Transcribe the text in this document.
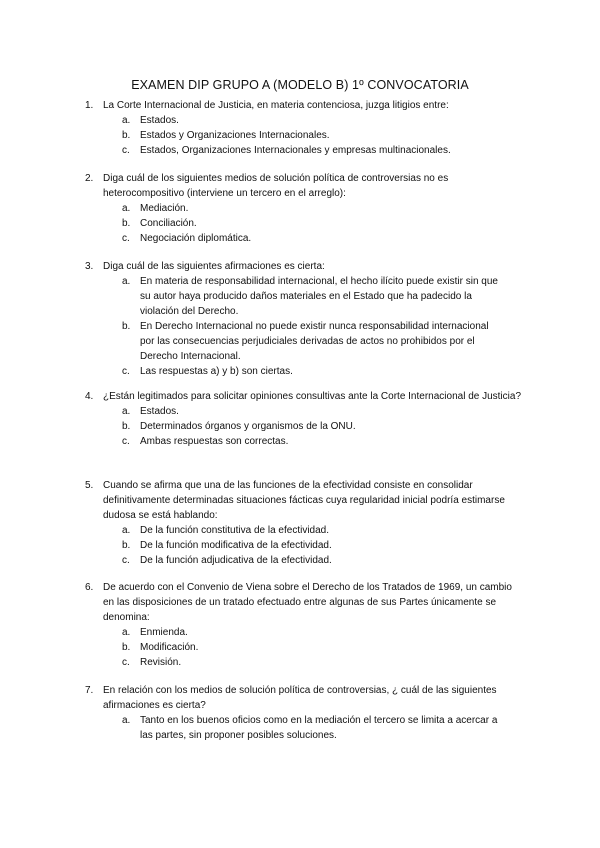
EXAMEN DIP GRUPO A (MODELO B) 1º CONVOCATORIA
1. La Corte Internacional de Justicia, en materia contenciosa, juzga litigios entre:
a. Estados.
b. Estados y Organizaciones Internacionales.
c. Estados, Organizaciones Internacionales y empresas multinacionales.
2. Diga cuál de los siguientes medios de solución política de controversias no es heterocompositivo (interviene un tercero en el arreglo):
a. Mediación.
b. Conciliación.
c. Negociación diplomática.
3. Diga cuál de las siguientes afirmaciones es cierta:
a. En materia de responsabilidad internacional, el hecho ilícito puede existir sin que su autor haya producido daños materiales en el Estado que ha padecido la violación del Derecho.
b. En Derecho Internacional no puede existir nunca responsabilidad internacional por las consecuencias perjudiciales derivadas de actos no prohibidos por el Derecho Internacional.
c. Las respuestas a) y b) son ciertas.
4. ¿Están legitimados para solicitar opiniones consultivas ante la Corte Internacional de Justicia?
a. Estados.
b. Determinados órganos y organismos de la ONU.
c. Ambas respuestas son correctas.
5. Cuando se afirma que una de las funciones de la efectividad consiste en consolidar definitivamente determinadas situaciones fácticas cuya regularidad inicial podría estimarse dudosa se está hablando:
a. De la función constitutiva de la efectividad.
b. De la función modificativa de la efectividad.
c. De la función adjudicativa de la efectividad.
6. De acuerdo con el Convenio de Viena sobre el Derecho de los Tratados de 1969, un cambio en las disposiciones de un tratado efectuado entre algunas de sus Partes únicamente se denomina:
a. Enmienda.
b. Modificación.
c. Revisión.
7. En relación con los medios de solución política de controversias, ¿ cuál de las siguientes afirmaciones es cierta?
a. Tanto en los buenos oficios como en la mediación el tercero se limita a acercar a las partes, sin proponer posibles soluciones.
